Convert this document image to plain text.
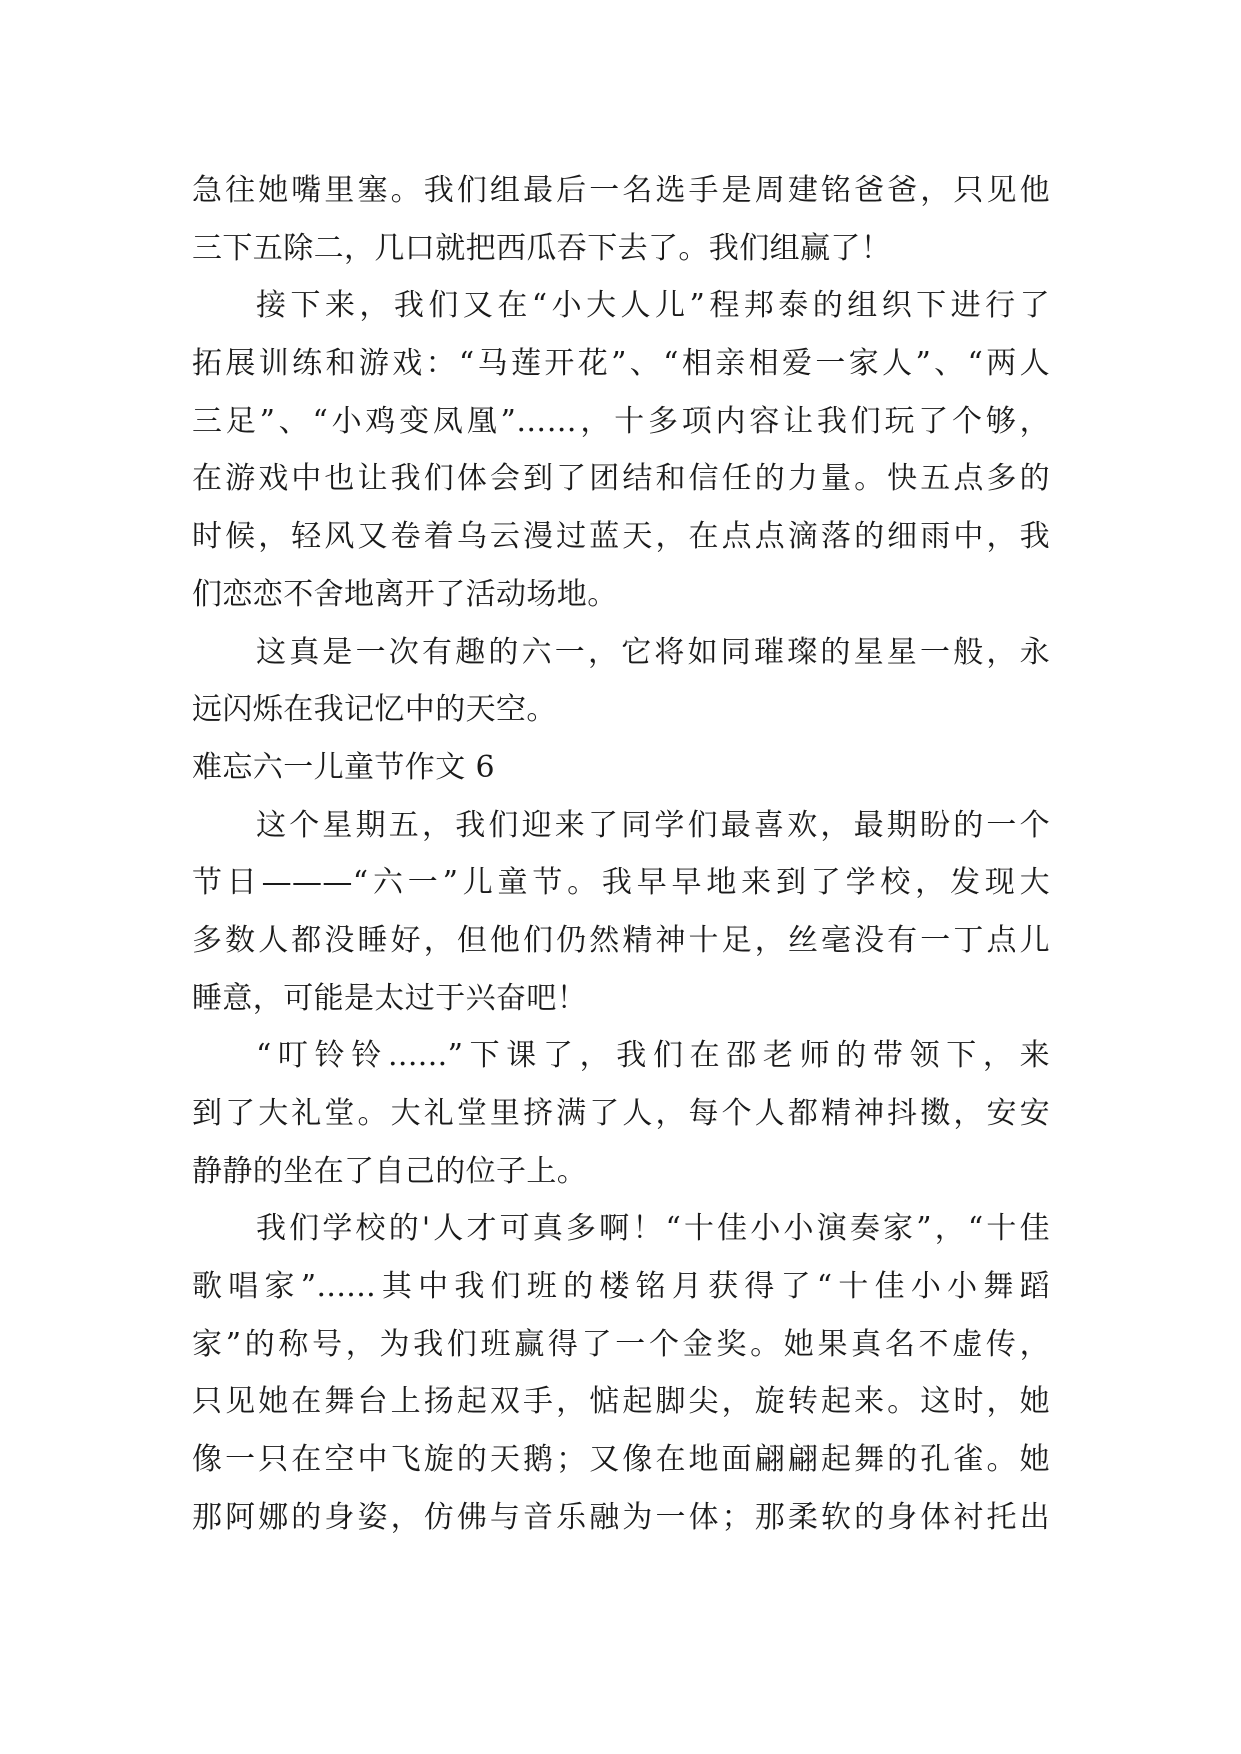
急往她嘴里塞。我们组最后一名选手是周建铭爸爸，只见他
三下五除二，几口就把西瓜吞下去了。我们组赢了！
接下来，我们又在“小大人儿”程邦泰的组织下进行了
拓展训练和游戏：“马莲开花”、“相亲相爱一家人”、“两人
三足”、“小鸡变凤凰”……，十多项内容让我们玩了个够，
在游戏中也让我们体会到了团结和信任的力量。快五点多的
时候，轻风又卷着乌云漫过蓝天，在点点滴落的细雨中，我
们恋恋不舍地离开了活动场地。
这真是一次有趣的六一，它将如同璀璨的星星一般，永
远闪烁在我记忆中的天空。
难忘六一儿童节作文 6
这个星期五，我们迎来了同学们最喜欢，最期盼的一个
节日———“六一”儿童节。我早早地来到了学校，发现大
多数人都没睡好，但他们仍然精神十足，丝毫没有一丁点儿
睡意，可能是太过于兴奋吧！
“叮铃铃......”下课了，我们在邵老师的带领下，来
到了大礼堂。大礼堂里挤满了人，每个人都精神抖擞，安安
静静的坐在了自己的位子上。
我们学校的'人才可真多啊！“十佳小小演奏家”，“十佳
歌唱家”......其中我们班的楼铭月获得了“十佳小小舞蹈
家”的称号，为我们班赢得了一个金奖。她果真名不虚传，
只见她在舞台上扬起双手，惦起脚尖，旋转起来。这时，她
像一只在空中飞旋的天鹅；又像在地面翩翩起舞的孔雀。她
那阿娜的身姿，仿佛与音乐融为一体；那柔软的身体衬托出
